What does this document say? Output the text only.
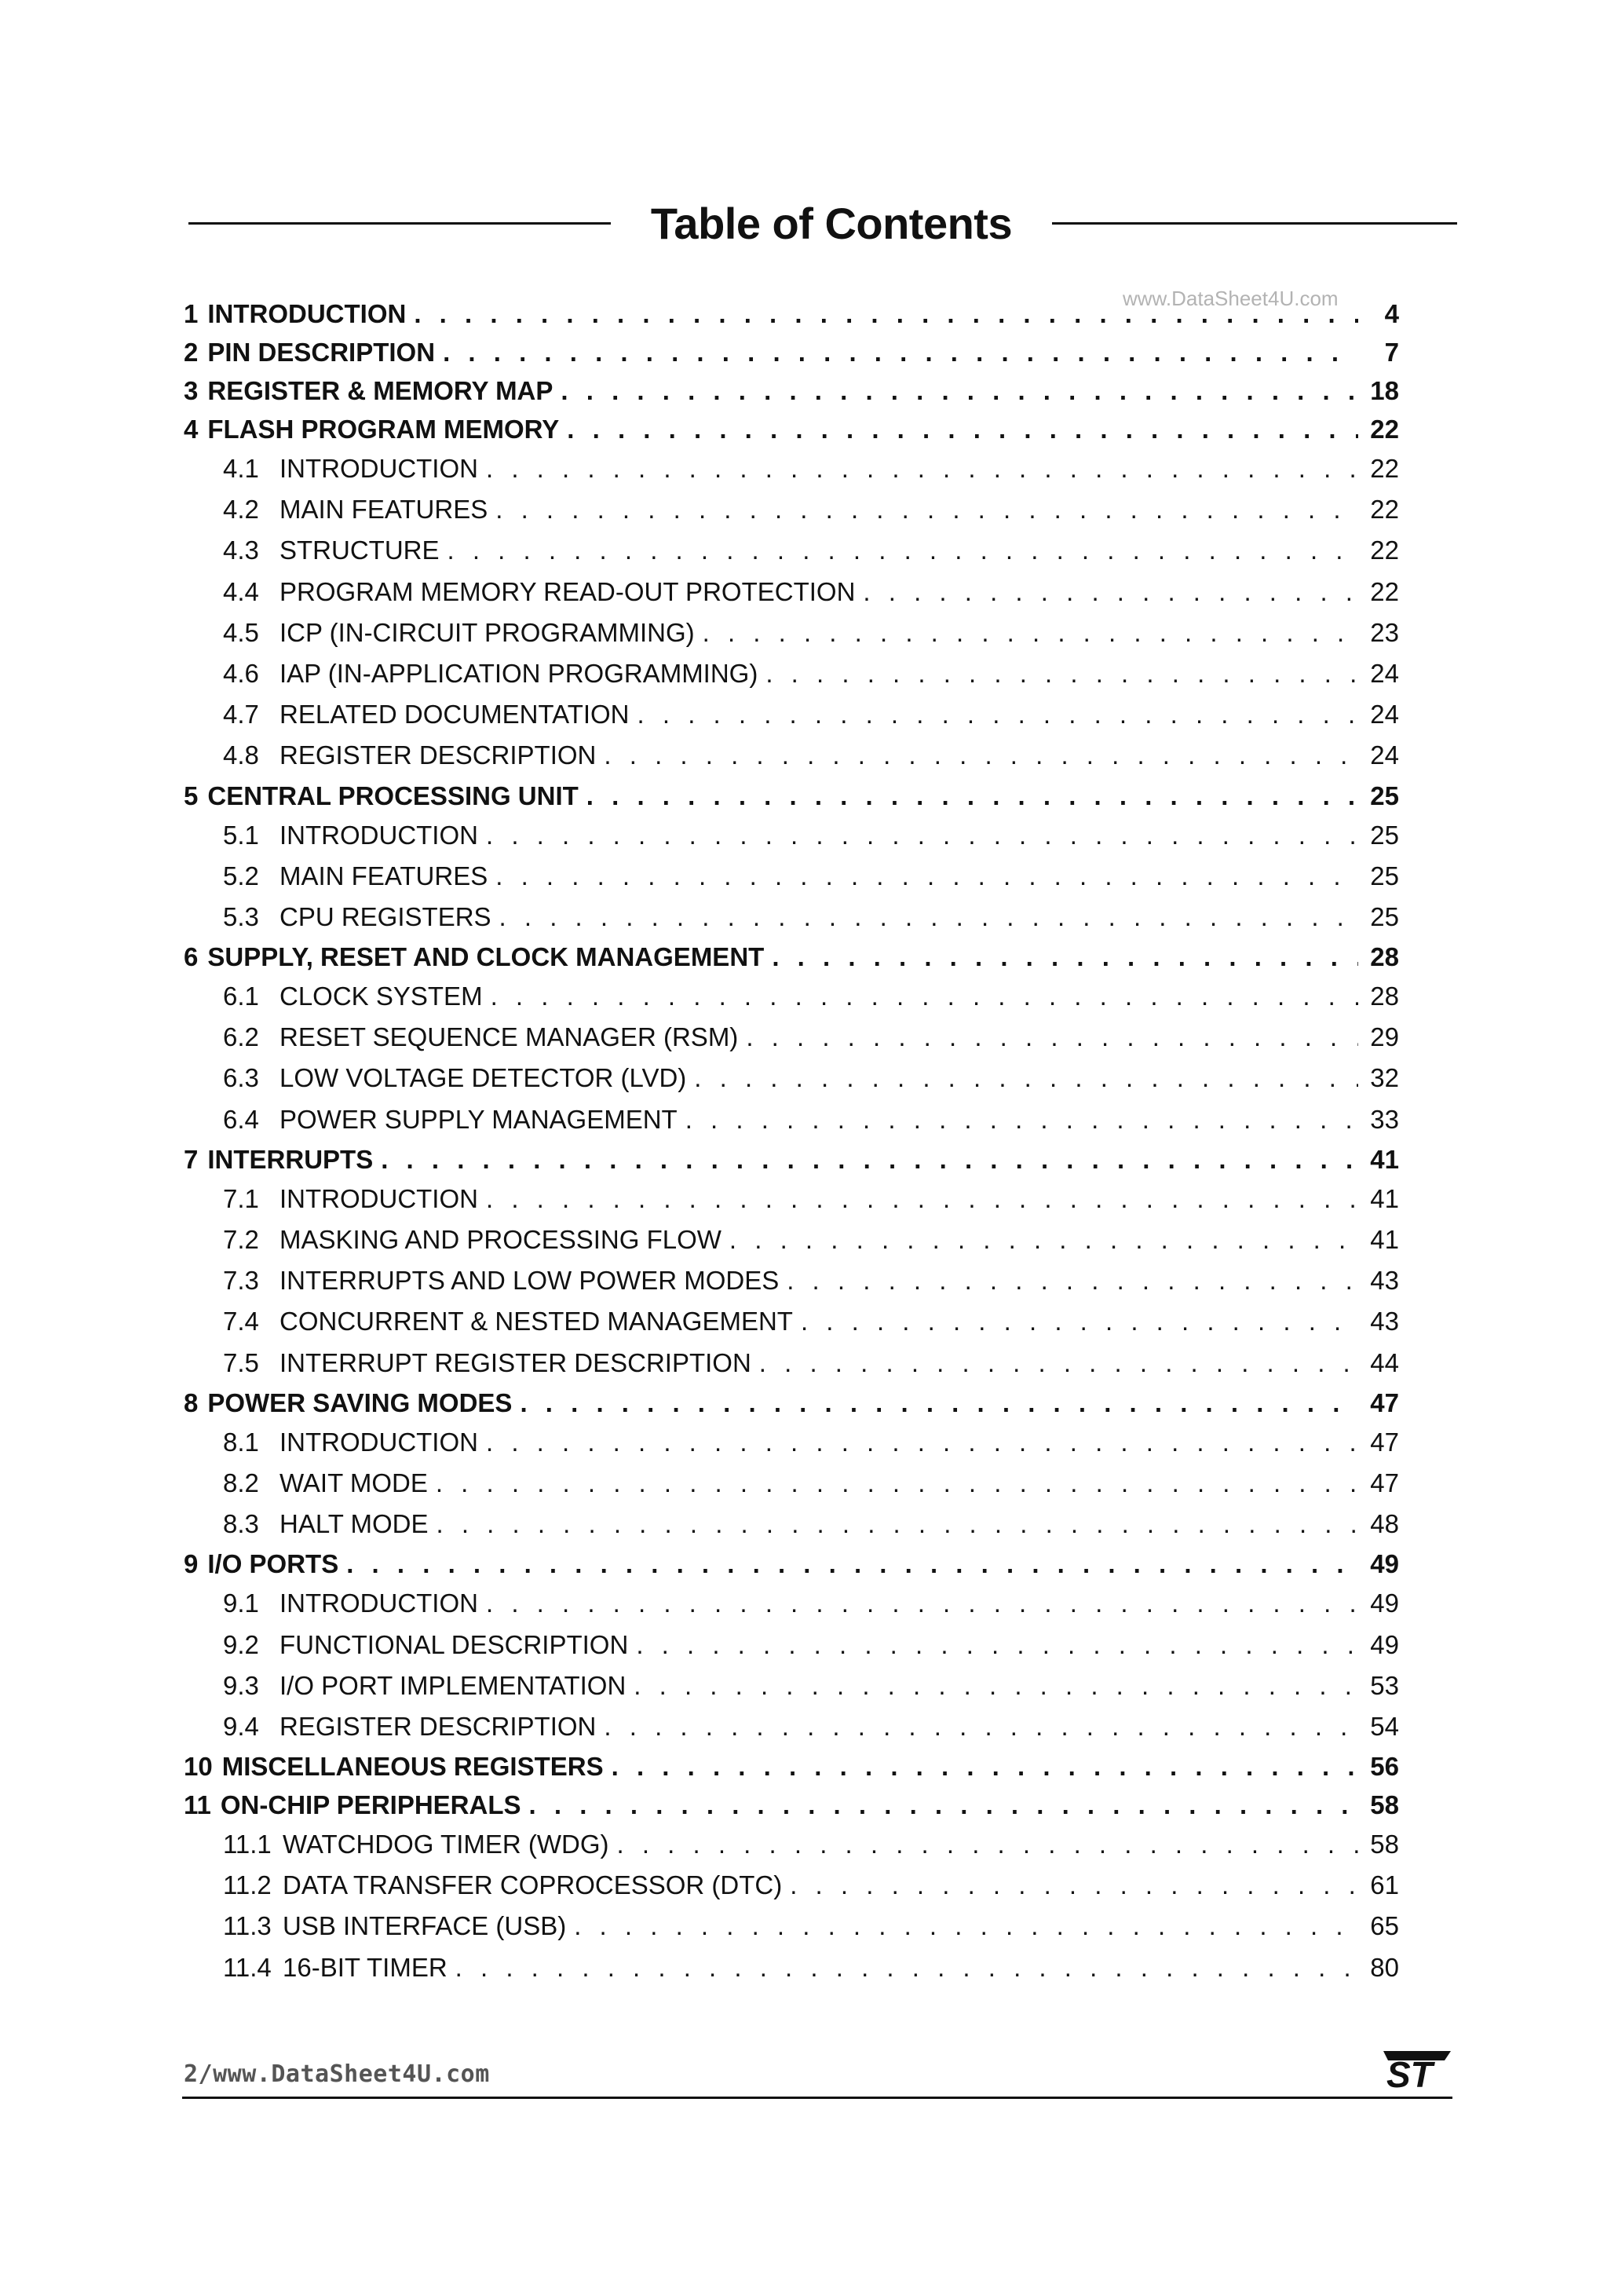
Table of Contents
www.DataSheet4U.com
1 INTRODUCTION . . .	4
2 PIN DESCRIPTION . . .	7
3 REGISTER & MEMORY MAP . . .	18
4 FLASH PROGRAM MEMORY . . .	22
4.1 INTRODUCTION . . .	22
4.2 MAIN FEATURES . . .	22
4.3 STRUCTURE . . .	22
4.4 PROGRAM MEMORY READ-OUT PROTECTION . . .	22
4.5 ICP (IN-CIRCUIT PROGRAMMING) . . .	23
4.6 IAP (IN-APPLICATION PROGRAMMING) . . .	24
4.7 RELATED DOCUMENTATION . . .	24
4.8 REGISTER DESCRIPTION . . .	24
5 CENTRAL PROCESSING UNIT . . .	25
5.1 INTRODUCTION . . .	25
5.2 MAIN FEATURES . . .	25
5.3 CPU REGISTERS . . .	25
6 SUPPLY, RESET AND CLOCK MANAGEMENT . . .	28
6.1 CLOCK SYSTEM . . .	28
6.2 RESET SEQUENCE MANAGER (RSM) . . .	29
6.3 LOW VOLTAGE DETECTOR (LVD) . . .	32
6.4 POWER SUPPLY MANAGEMENT . . .	33
7 INTERRUPTS . . .	41
7.1 INTRODUCTION . . .	41
7.2 MASKING AND PROCESSING FLOW . . .	41
7.3 INTERRUPTS AND LOW POWER MODES . . .	43
7.4 CONCURRENT & NESTED MANAGEMENT . . .	43
7.5 INTERRUPT REGISTER DESCRIPTION . . .	44
8 POWER SAVING MODES . . .	47
8.1 INTRODUCTION . . .	47
8.2 WAIT MODE . . .	47
8.3 HALT MODE . . .	48
9 I/O PORTS . . .	49
9.1 INTRODUCTION . . .	49
9.2 FUNCTIONAL DESCRIPTION . . .	49
9.3 I/O PORT IMPLEMENTATION . . .	53
9.4 REGISTER DESCRIPTION . . .	54
10 MISCELLANEOUS REGISTERS . . .	56
11 ON-CHIP PERIPHERALS . . .	58
11.1 WATCHDOG TIMER (WDG) . . .	58
11.2 DATA TRANSFER COPROCESSOR (DTC) . . .	61
11.3 USB INTERFACE (USB) . . .	65
11.4 16-BIT TIMER . . .	80
2/www.DataSheet4U.com	ST
